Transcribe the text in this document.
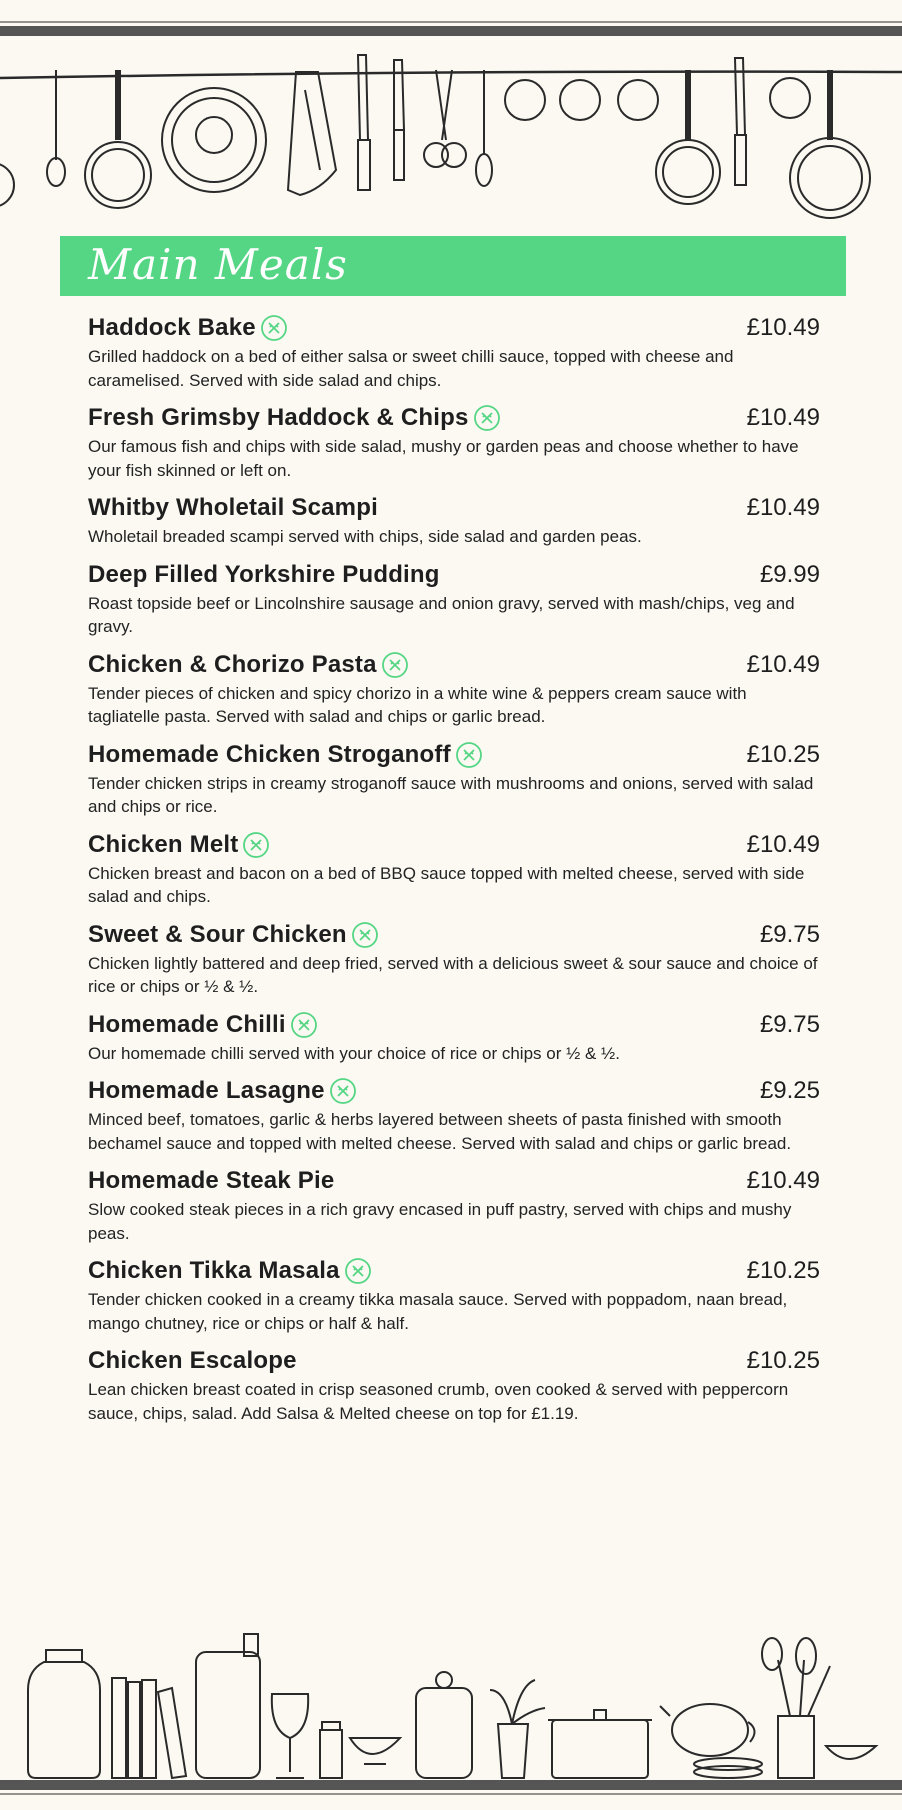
Main Meals
Haddock Bake	£10.49
Grilled haddock on a bed of either salsa or sweet chilli sauce, topped with cheese and caramelised. Served with side salad and chips.
Fresh Grimsby Haddock & Chips	£10.49
Our famous fish and chips with side salad, mushy or garden peas and choose whether to have your fish skinned or left on.
Whitby Wholetail Scampi	£10.49
Wholetail breaded scampi served with chips, side salad and garden peas.
Deep Filled Yorkshire Pudding	£9.99
Roast topside beef or Lincolnshire sausage and onion gravy, served with mash/chips, veg and gravy.
Chicken & Chorizo Pasta	£10.49
Tender pieces of chicken and spicy chorizo in a white wine & peppers cream sauce with tagliatelle pasta. Served with salad and chips or garlic bread.
Homemade Chicken Stroganoff	£10.25
Tender chicken strips in creamy stroganoff sauce with mushrooms and onions, served with salad and chips or rice.
Chicken Melt	£10.49
Chicken breast and bacon on a bed of BBQ sauce topped with melted cheese, served with side salad and chips.
Sweet & Sour Chicken	£9.75
Chicken lightly battered and deep fried, served with a delicious sweet & sour sauce and choice of rice or chips or ½ & ½.
Homemade Chilli	£9.75
Our homemade chilli served with your choice of rice or chips or ½ & ½.
Homemade Lasagne	£9.25
Minced beef, tomatoes, garlic & herbs layered between sheets of pasta finished with smooth bechamel sauce and topped with melted cheese. Served with salad and chips or garlic bread.
Homemade Steak Pie	£10.49
Slow cooked steak pieces in a rich gravy encased in puff pastry, served with chips and mushy peas.
Chicken Tikka Masala	£10.25
Tender chicken cooked in a creamy tikka masala sauce. Served with poppadom, naan bread, mango chutney, rice or chips or half & half.
Chicken Escalope	£10.25
Lean chicken breast coated in crisp seasoned crumb, oven cooked & served with peppercorn sauce, chips, salad. Add Salsa & Melted cheese on top for £1.19.
